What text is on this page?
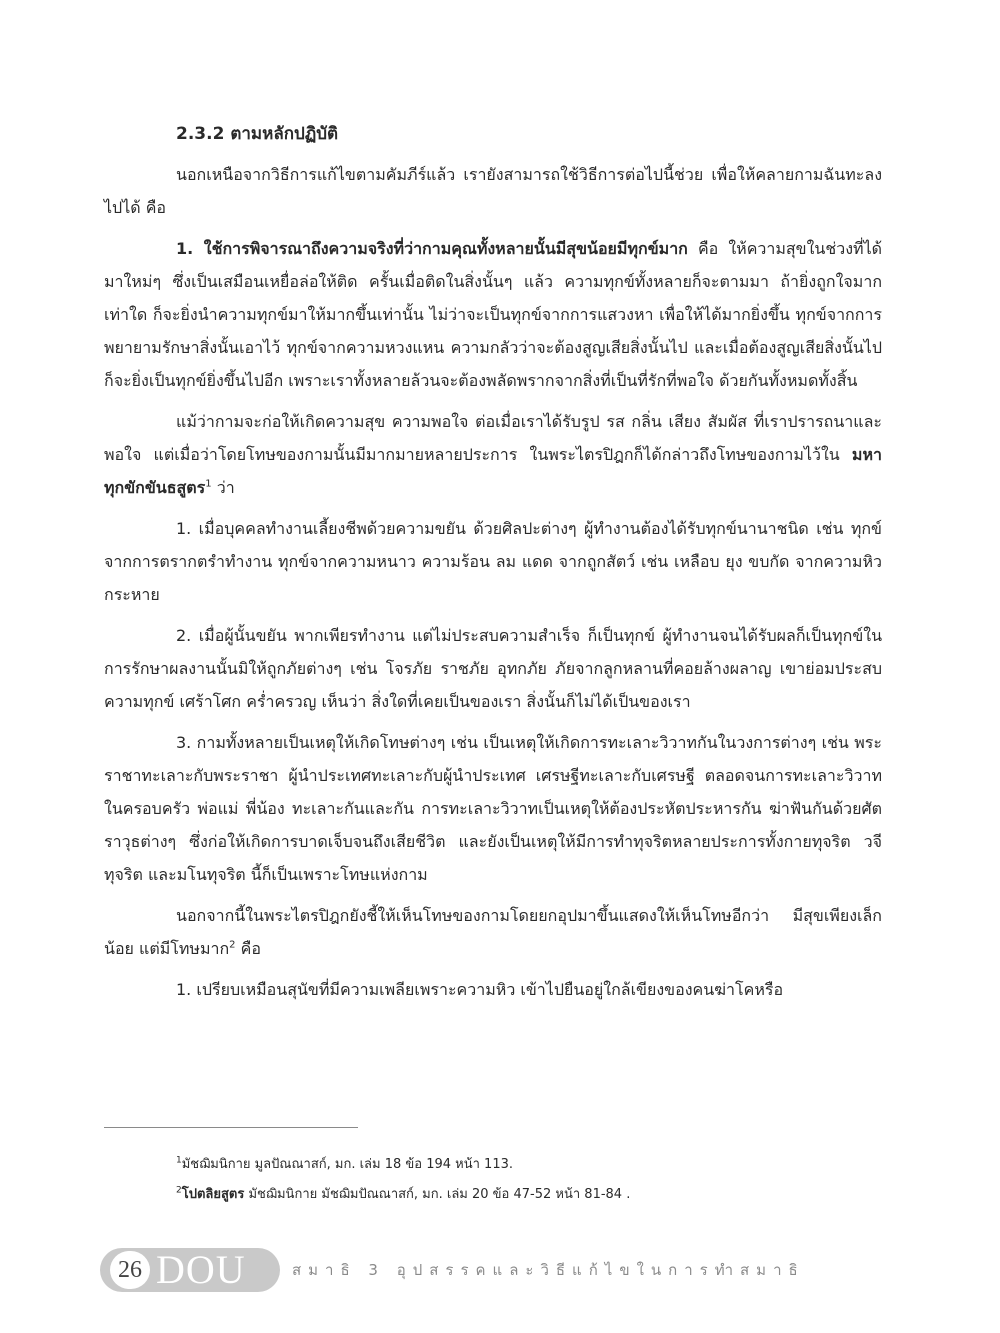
2.3.2 ตามหลักปฏิบัติ

นอกเหนือจากวิธีการแก้ไขตามคัมภีร์แล้ว เรายังสามารถใช้วิธีการต่อไปนี้ช่วย เพื่อให้คลายกามฉันทะลงไปได้ คือ

1. ใช้การพิจารณาถึงความจริงที่ว่ากามคุณทั้งหลายนั้นมีสุขน้อยมีทุกข์มาก คือ ให้ความสุขในช่วงที่ได้มาใหม่ๆ ซึ่งเป็นเสมือนเหยื่อล่อให้ติด ครั้นเมื่อติดในสิ่งนั้นๆ แล้ว ความทุกข์ทั้งหลายก็จะตามมา ถ้ายิ่งถูกใจมากเท่าใด ก็จะยิ่งนำความทุกข์มาให้มากขึ้นเท่านั้น ไม่ว่าจะเป็นทุกข์จากการแสวงหา เพื่อให้ได้มากยิ่งขึ้น ทุกข์จากการพยายามรักษาสิ่งนั้นเอาไว้ ทุกข์จากความหวงแหน ความกลัวว่าจะต้องสูญเสียสิ่งนั้นไป และเมื่อต้องสูญเสียสิ่งนั้นไป ก็จะยิ่งเป็นทุกข์ยิ่งขึ้นไปอีก เพราะเราทั้งหลายล้วนจะต้องพลัดพรากจากสิ่งที่เป็นที่รักที่พอใจ ด้วยกันทั้งหมดทั้งสิ้น

แม้ว่ากามจะก่อให้เกิดความสุข ความพอใจ ต่อเมื่อเราได้รับรูป รส กลิ่น เสียง สัมผัส ที่เราปรารถนาและพอใจ แต่เมื่อว่าโดยโทษของกามนั้นมีมากมายหลายประการ ในพระไตรปิฎกก็ได้กล่าวถึงโทษของกามไว้ใน มหาทุกขักขันธสูตร$^1$ ว่า

1. เมื่อบุคคลทำงานเลี้ยงชีพด้วยความขยัน ด้วยศิลปะต่างๆ ผู้ทำงานต้องได้รับทุกข์นานาชนิด เช่น ทุกข์จากการตรากตรำทำงาน ทุกข์จากความหนาว ความร้อน ลม แดด จากถูกสัตว์ เช่น เหลือบ ยุง ขบกัด จากความหิว กระหาย

2. เมื่อผู้นั้นขยัน พากเพียรทำงาน แต่ไม่ประสบความสำเร็จ ก็เป็นทุกข์ ผู้ทำงานจนได้รับผลก็เป็นทุกข์ในการรักษาผลงานนั้นมิให้ถูกภัยต่างๆ เช่น โจรภัย ราชภัย อุทกภัย ภัยจากลูกหลานที่คอยล้างผลาญ เขาย่อมประสบความทุกข์ เศร้าโศก คร่ำครวญ เห็นว่า สิ่งใดที่เคยเป็นของเรา สิ่งนั้นก็ไม่ได้เป็นของเรา

3. กามทั้งหลายเป็นเหตุให้เกิดโทษต่างๆ เช่น เป็นเหตุให้เกิดการทะเลาะวิวาทกันในวงการต่างๆ เช่น พระราชาทะเลาะกับพระราชา ผู้นำประเทศทะเลาะกับผู้นำประเทศ เศรษฐีทะเลาะกับเศรษฐี ตลอดจนการทะเลาะวิวาทในครอบครัว พ่อแม่ พี่น้อง ทะเลาะกันและกัน การทะเลาะวิวาทเป็นเหตุให้ต้องประหัตประหารกัน ฆ่าฟันกันด้วยศัตราวุธต่างๆ ซึ่งก่อให้เกิดการบาดเจ็บจนถึงเสียชีวิต และยังเป็นเหตุให้มีการทำทุจริตหลายประการทั้งกายทุจริต วจีทุจริต และมโนทุจริต นี้ก็เป็นเพราะโทษแห่งกาม

นอกจากนี้ในพระไตรปิฎกยังชี้ให้เห็นโทษของกามโดยยกอุปมาขึ้นแสดงให้เห็นโทษอีกว่า มีสุขเพียงเล็กน้อย แต่มีโทษมาก$^2$ คือ

1. เปรียบเหมือนสุนัขที่มีความเพลียเพราะความหิว เข้าไปยืนอยู่ใกล้เขียงของคนฆ่าโคหรือ

$^1$มัชฌิมนิกาย มูลปัณณาสก์, มก. เล่ม 18 ข้อ 194 หน้า 113.

$^2$โปตลิยสูตร มัชฌิมนิกาย มัชฌิมปัณณาสก์, มก. เล่ม 20 ข้อ 47-52 หน้า 81-84 .

26 DOU	สมาธิ 3 อุปสรรคและวิธีแก้ไขในการทำสมาธิ
